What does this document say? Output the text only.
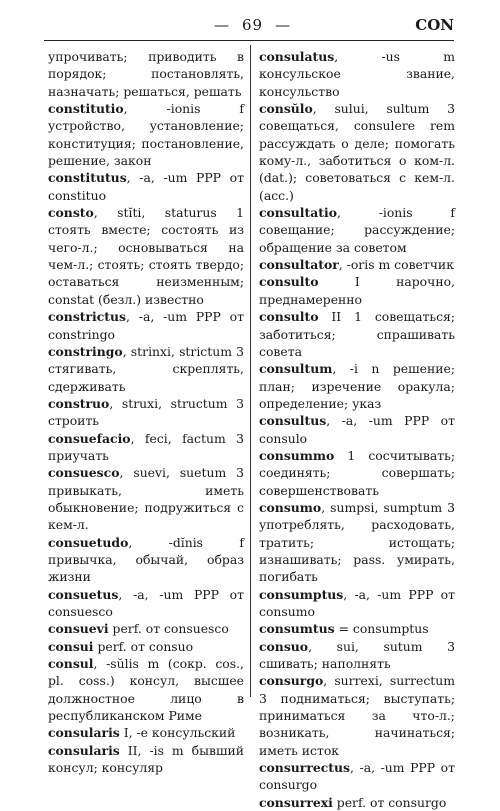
— 69 —	CON

упрочивать; приводить в порядок; постановлять, назначать; решаться, решать

constitutio, -ionis f устройство, установление; конституция; постановление, решение, закон

constitutus, -a, -um PPP от constituo

consto, stĭti, staturus 1 стоять вместе; состоять из чего-л.; основываться на чем-л.; стоять; стоять твердо; оставаться неизменным; constat (безл.) известно

constrictus, -a, -um PPP от constringo

constringo, strinxi, strictum 3 стягивать, скреплять, сдерживать

construo, struxi, structum 3 строить

consuefacio, feci, factum 3 приучать

consuesco, suevi, suetum 3 привыкать, иметь обыкновение; подружиться с кем-л.

consuetudo, -dĭnis f привычка, обычай, образ жизни

consuetus, -a, -um PPP от consuesco

consuevi perf. от consuesco

consui perf. от consuo

consul, -sŭlis m (сокр. cos., pl. coss.) консул, высшее должностное лицо в республиканском Риме

consularis I, -e консульский

consularis II, -is m бывший консул; консуляр

consulatus, -us m консульское звание, консульство

consŭlo, sului, sultum 3 совещаться, consulere rem рассуждать о деле; помогать кому-л., заботиться о ком-л. (dat.); советоваться с кем-л. (acc.)

consultatio, -ionis f совещание; рассуждение; обращение за советом

consultator, -oris m советчик

consulto I нарочно, преднамеренно

consulto II 1 совещаться; заботиться; спрашивать совета

consultum, -i n решение; план; изречение оракула; определение; указ

consultus, -a, -um PPP от consulo

consummo 1 сосчитывать; соединять; совершать; совершенствовать

consumo, sumpsi, sumptum 3 употреблять, расходовать, тратить; истощать; изнашивать; pass. умирать, погибать

consumptus, -a, -um PPP от consumo

consumtus = consumptus

consuo, sui, sutum 3 сшивать; наполнять

consurgo, surrexi, surrectum 3 подниматься; выступать; приниматься за что-л.; возникать, начинаться; иметь исток

consurrectus, -a, -um PPP от consurgo

consurrexi perf. от consurgo
